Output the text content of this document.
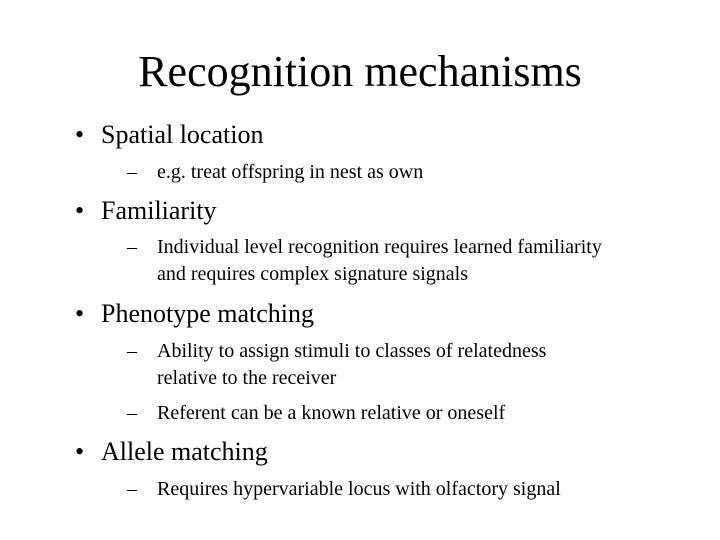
Recognition mechanisms
• Spatial location
– e.g. treat offspring in nest as own
• Familiarity
– Individual level recognition requires learned familiarity
and requires complex signature signals
• Phenotype matching
– Ability to assign stimuli to classes of relatedness
relative to the receiver
– Referent can be a known relative or oneself
• Allele matching
– Requires hypervariable locus with olfactory signal
